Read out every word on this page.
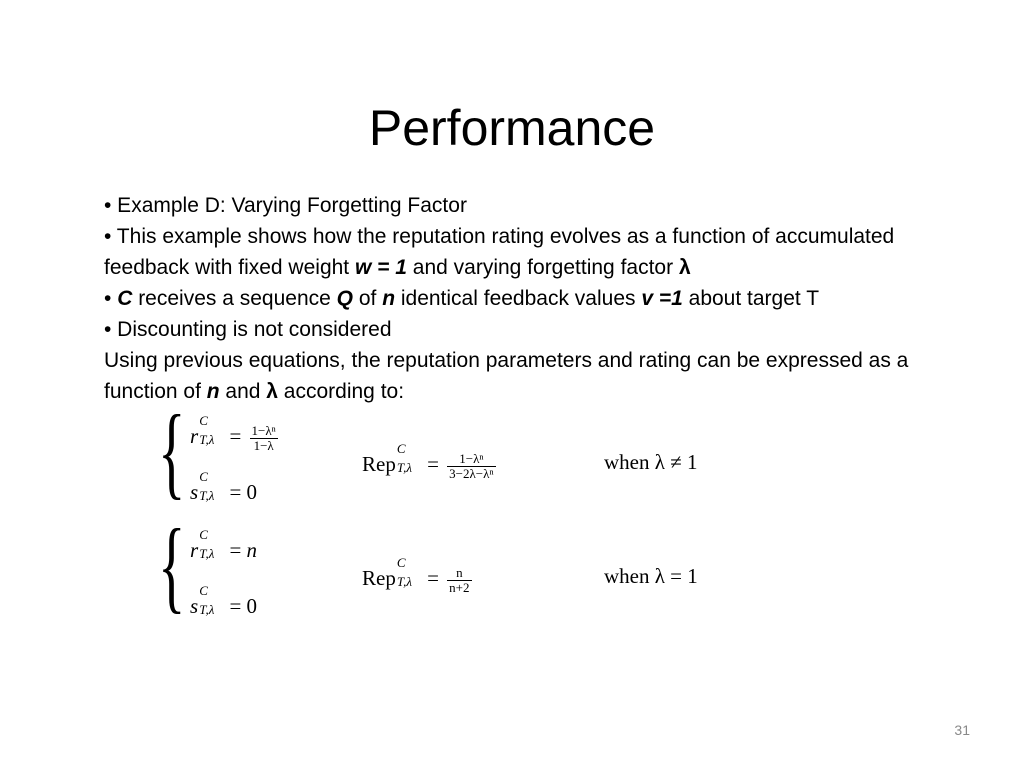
Performance

• Example D: Varying Forgetting Factor

• This example shows how the reputation rating evolves as a function of accumulated feedback with fixed weight w = 1 and varying forgetting factor λ

• C receives a sequence Q of n identical feedback values v =1 about target T

• Discounting is not considered

Using previous equations, the reputation parameters and rating can be expressed as a function of n and λ according to:

{ r
C
$T,\lambda = \frac{\text{1−λⁿ}}{1-\lambda}$
s
C
T,λ = 0
Rep
C
$T,\lambda = \frac{\text{1−λⁿ}}{\text{3−2λ−λⁿ}}$	when λ ≠ 1
{ r
C
T,λ = n
s
C
T,λ = 0
Rep
C
$T,\lambda = \frac{n}{n+2}$	when λ = 1
31
